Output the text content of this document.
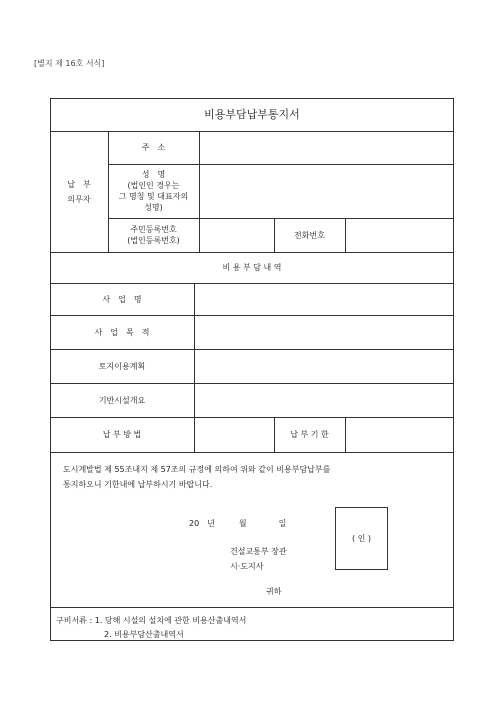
[별지 제 16호 서식]
비용부담납부통지서
납　부
의무자
주　소
성　명
(법인인 경우는
그 명칭 및 대표자의
성명)
주민등록번호
(법인등록번호)
전화번호
비 용 부 담 내 역
사　업　명
사　업　목　적
토지이용계획
기반시설개요
납 부 방 법	납 부 기 한
도시계발법 제 55조내지 제 57조의 규정에 의하여 위와 같이 비용부담납부를
통지하오니 기한내에 납부하시기 바랍니다.
20　년　　　월　　　　일
( 인 )
건설교통부 장관
시·도지사
귀하
구비서류 : 1. 당해 시설의 설치에 관한 비용산출내역서
2. 비용부담산출내역서
